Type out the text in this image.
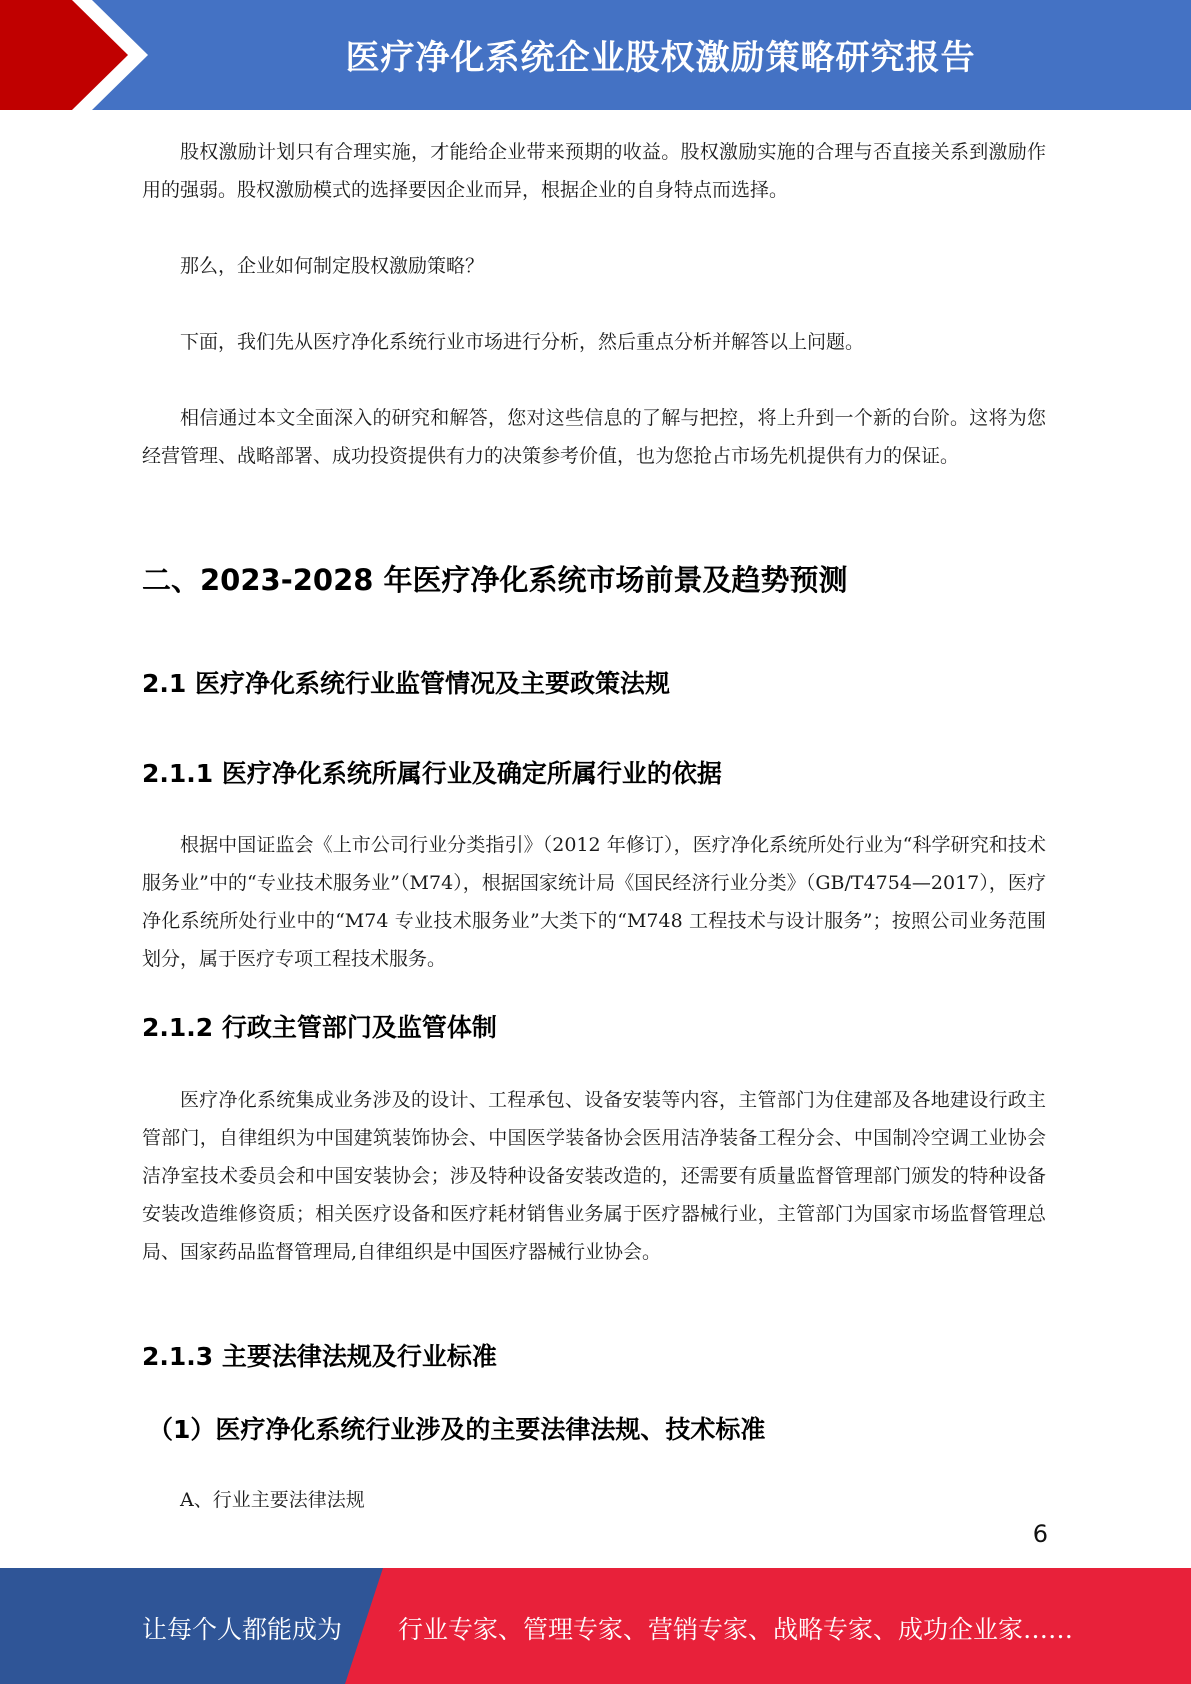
医疗净化系统企业股权激励策略研究报告

股权激励计划只有合理实施，才能给企业带来预期的收益。股权激励实施的合理与否直接关系到激励作用的强弱。股权激励模式的选择要因企业而异，根据企业的自身特点而选择。

那么，企业如何制定股权激励策略？

下面，我们先从医疗净化系统行业市场进行分析，然后重点分析并解答以上问题。

相信通过本文全面深入的研究和解答，您对这些信息的了解与把控，将上升到一个新的台阶。这将为您经营管理、战略部署、成功投资提供有力的决策参考价值，也为您抢占市场先机提供有力的保证。

二、2023-2028 年医疗净化系统市场前景及趋势预测
2.1 医疗净化系统行业监管情况及主要政策法规
2.1.1 医疗净化系统所属行业及确定所属行业的依据

根据中国证监会《上市公司行业分类指引》（2012 年修订），医疗净化系统所处行业为“科学研究和技术服务业”中的“专业技术服务业”（M74），根据国家统计局《国民经济行业分类》（GB/T4754—2017），医疗净化系统所处行业中的“M74 专业技术服务业”大类下的“M748 工程技术与设计服务”；按照公司业务范围划分，属于医疗专项工程技术服务。

2.1.2 行政主管部门及监管体制

医疗净化系统集成业务涉及的设计、工程承包、设备安装等内容，主管部门为住建部及各地建设行政主管部门，自律组织为中国建筑装饰协会、中国医学装备协会医用洁净装备工程分会、中国制冷空调工业协会洁净室技术委员会和中国安装协会；涉及特种设备安装改造的，还需要有质量监督管理部门颁发的特种设备安装改造维修资质；相关医疗设备和医疗耗材销售业务属于医疗器械行业，主管部门为国家市场监督管理总局、国家药品监督管理局,自律组织是中国医疗器械行业协会。

2.1.3 主要法律法规及行业标准
（1）医疗净化系统行业涉及的主要法律法规、技术标准

A、行业主要法律法规

6
让每个人都能成为 行业专家、管理专家、营销专家、战略专家、成功企业家……
